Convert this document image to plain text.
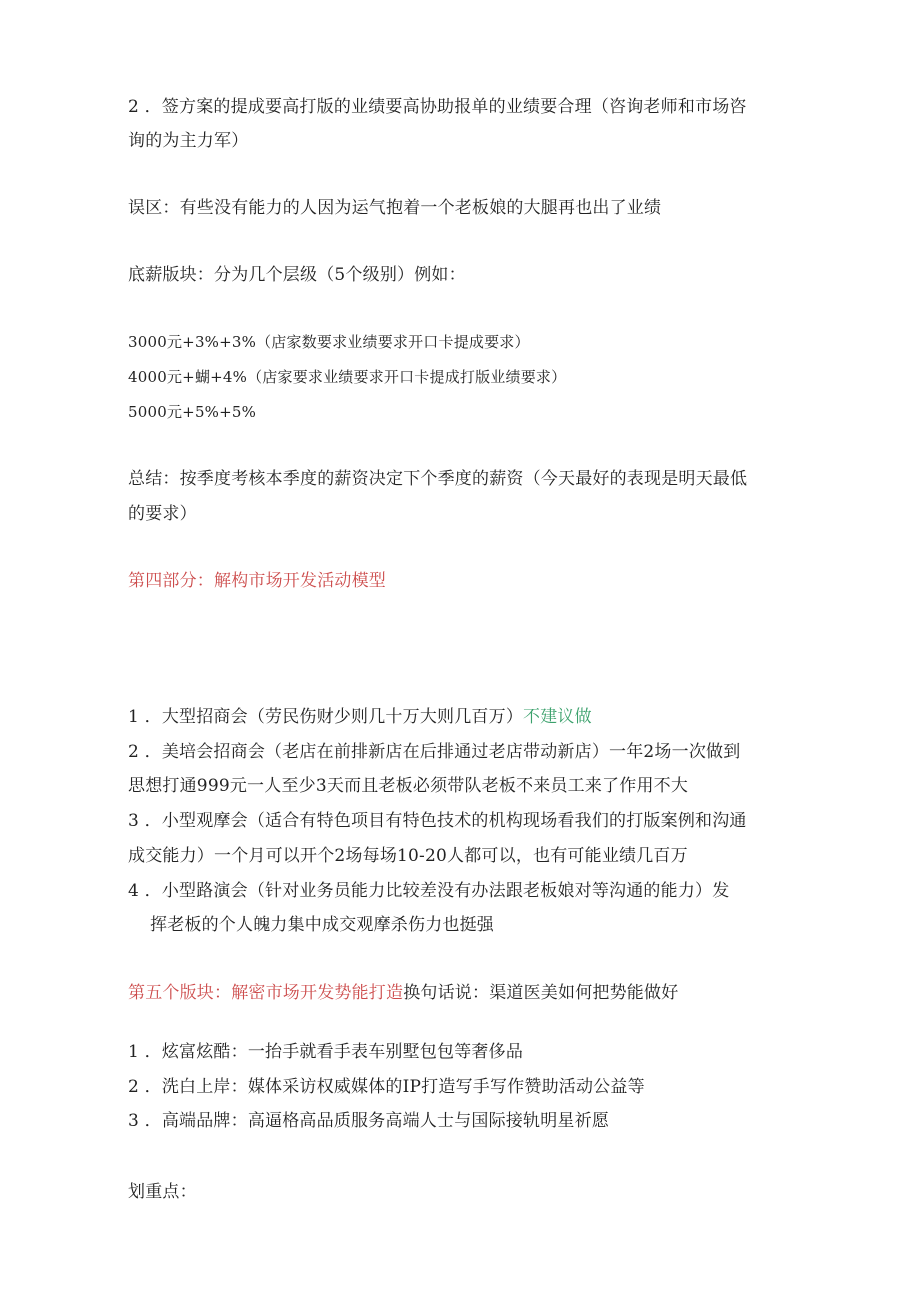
2 ．签方案的提成要高打版的业绩要高协助报单的业绩要合理（咨询老师和市场咨
询的为主力军）
误区：有些没有能力的人因为运气抱着一个老板娘的大腿再也出了业绩
底薪版块：分为几个层级（5个级别）例如：
3000元+3%+3%（店家数要求业绩要求开口卡提成要求）
4000元+蝴+4%（店家要求业绩要求开口卡提成打版业绩要求）
5000元+5%+5%
总结：按季度考核本季度的薪资决定下个季度的薪资（今天最好的表现是明天最低
的要求）
第四部分：解构市场开发活动模型
1 ．大型招商会（劳民伤财少则几十万大则几百万）不建议做
2 ．美培会招商会（老店在前排新店在后排通过老店带动新店）一年2场一次做到
思想打通999元一人至少3天而且老板必须带队老板不来员工来了作用不大
3 ．小型观摩会（适合有特色项目有特色技术的机构现场看我们的打版案例和沟通
成交能力）一个月可以开个2场每场10-20人都可以，也有可能业绩几百万
4 ．小型路演会（针对业务员能力比较差没有办法跟老板娘对等沟通的能力）发
挥老板的个人魄力集中成交观摩杀伤力也挺强
第五个版块：解密市场开发势能打造换句话说：渠道医美如何把势能做好
1 ．炫富炫酷：一抬手就看手表车别墅包包等奢侈品
2 ．洗白上岸：媒体采访权威媒体的IP打造写手写作赞助活动公益等
3 ．高端品牌：高逼格高品质服务高端人士与国际接轨明星祈愿
划重点：
